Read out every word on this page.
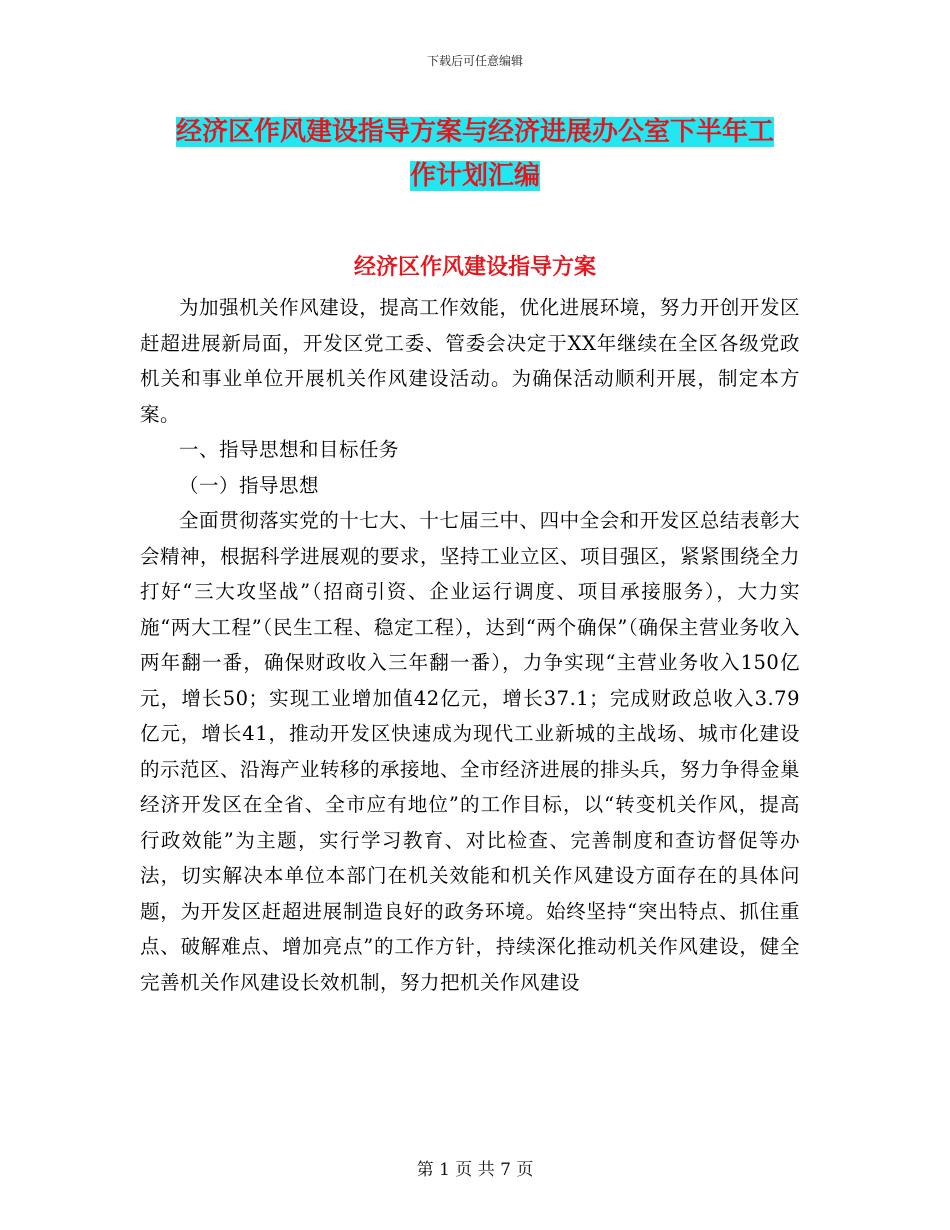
下载后可任意编辑
经济区作风建设指导方案与经济进展办公室下半年工
作计划汇编
经济区作风建设指导方案

为加强机关作风建设，提高工作效能，优化进展环境，努力开创开发区赶超进展新局面，开发区党工委、管委会决定于XX年继续在全区各级党政机关和事业单位开展机关作风建设活动。为确保活动顺利开展，制定本方案。

一、指导思想和目标任务

（一）指导思想

全面贯彻落实党的十七大、十七届三中、四中全会和开发区总结表彰大会精神，根据科学进展观的要求，坚持工业立区、项目强区，紧紧围绕全力打好“三大攻坚战”（招商引资、企业运行调度、项目承接服务），大力实施“两大工程”（民生工程、稳定工程），达到“两个确保”（确保主营业务收入两年翻一番，确保财政收入三年翻一番），力争实现“主营业务收入150亿元，增长50；实现工业增加值42亿元，增长37.1；完成财政总收入3.79亿元，增长41，推动开发区快速成为现代工业新城的主战场、城市化建设的示范区、沿海产业转移的承接地、全市经济进展的排头兵，努力争得金巢经济开发区在全省、全市应有地位”的工作目标，以“转变机关作风，提高行政效能”为主题，实行学习教育、对比检查、完善制度和查访督促等办法，切实解决本单位本部门在机关效能和机关作风建设方面存在的具体问题，为开发区赶超进展制造良好的政务环境。始终坚持“突出特点、抓住重点、破解难点、增加亮点”的工作方针，持续深化推动机关作风建设，健全完善机关作风建设长效机制，努力把机关作风建设

第 1 页 共 7 页
